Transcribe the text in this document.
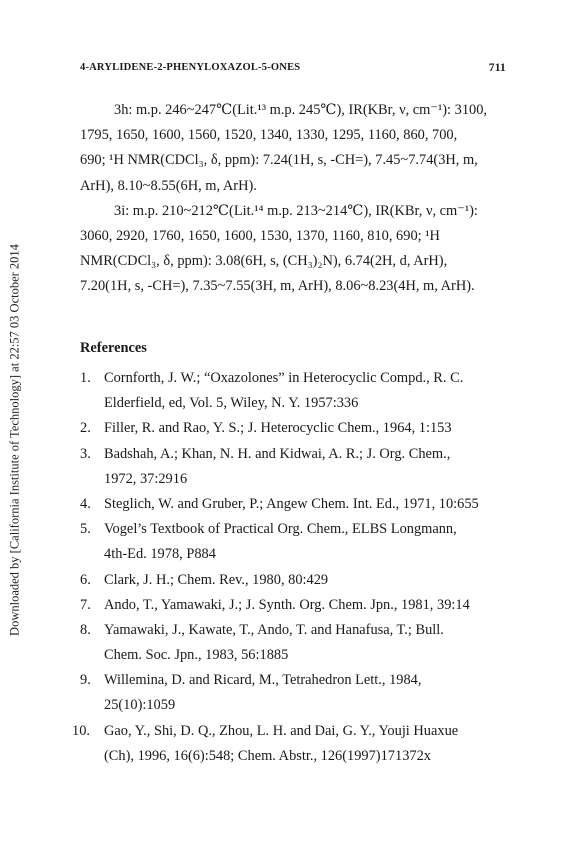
Downloaded by [California Institute of Technology] at 22:57 03 October 2014
4-ARYLIDENE-2-PHENYLOXAZOL-5-ONES	711
3h: m.p. 246~247℃(Lit.¹³ m.p. 245℃), IR(KBr, ν, cm⁻¹): 3100,
1795, 1650, 1600, 1560, 1520, 1340, 1330, 1295, 1160, 860, 700,
690; ¹H NMR(CDCl₃, δ, ppm): 7.24(1H, s, -CH=), 7.45~7.74(3H, m,
ArH), 8.10~8.55(6H, m, ArH).
3i: m.p. 210~212℃(Lit.¹⁴ m.p. 213~214℃), IR(KBr, ν, cm⁻¹):
3060, 2920, 1760, 1650, 1600, 1530, 1370, 1160, 810, 690; ¹H
NMR(CDCl₃, δ, ppm): 3.08(6H, s, (CH₃)₂N), 6.74(2H, d, ArH),
7.20(1H, s, -CH=), 7.35~7.55(3H, m, ArH), 8.06~8.23(4H, m, ArH).
References
1. Cornforth, J. W.; “Oxazolones” in Heterocyclic Compd., R. C.
Elderfield, ed, Vol. 5, Wiley, N. Y. 1957:336
2. Filler, R. and Rao, Y. S.; J. Heterocyclic Chem., 1964, 1:153
3. Badshah, A.; Khan, N. H. and Kidwai, A. R.; J. Org. Chem.,
1972, 37:2916
4. Steglich, W. and Gruber, P.; Angew Chem. Int. Ed., 1971, 10:655
5. Vogel’s Textbook of Practical Org. Chem., ELBS Longmann,
4th-Ed. 1978, P884
6. Clark, J. H.; Chem. Rev., 1980, 80:429
7. Ando, T., Yamawaki, J.; J. Synth. Org. Chem. Jpn., 1981, 39:14
8. Yamawaki, J., Kawate, T., Ando, T. and Hanafusa, T.; Bull.
Chem. Soc. Jpn., 1983, 56:1885
9. Willemina, D. and Ricard, M., Tetrahedron Lett., 1984,
25(10):1059
10. Gao, Y., Shi, D. Q., Zhou, L. H. and Dai, G. Y., Youji Huaxue
(Ch), 1996, 16(6):548; Chem. Abstr., 126(1997)171372x
